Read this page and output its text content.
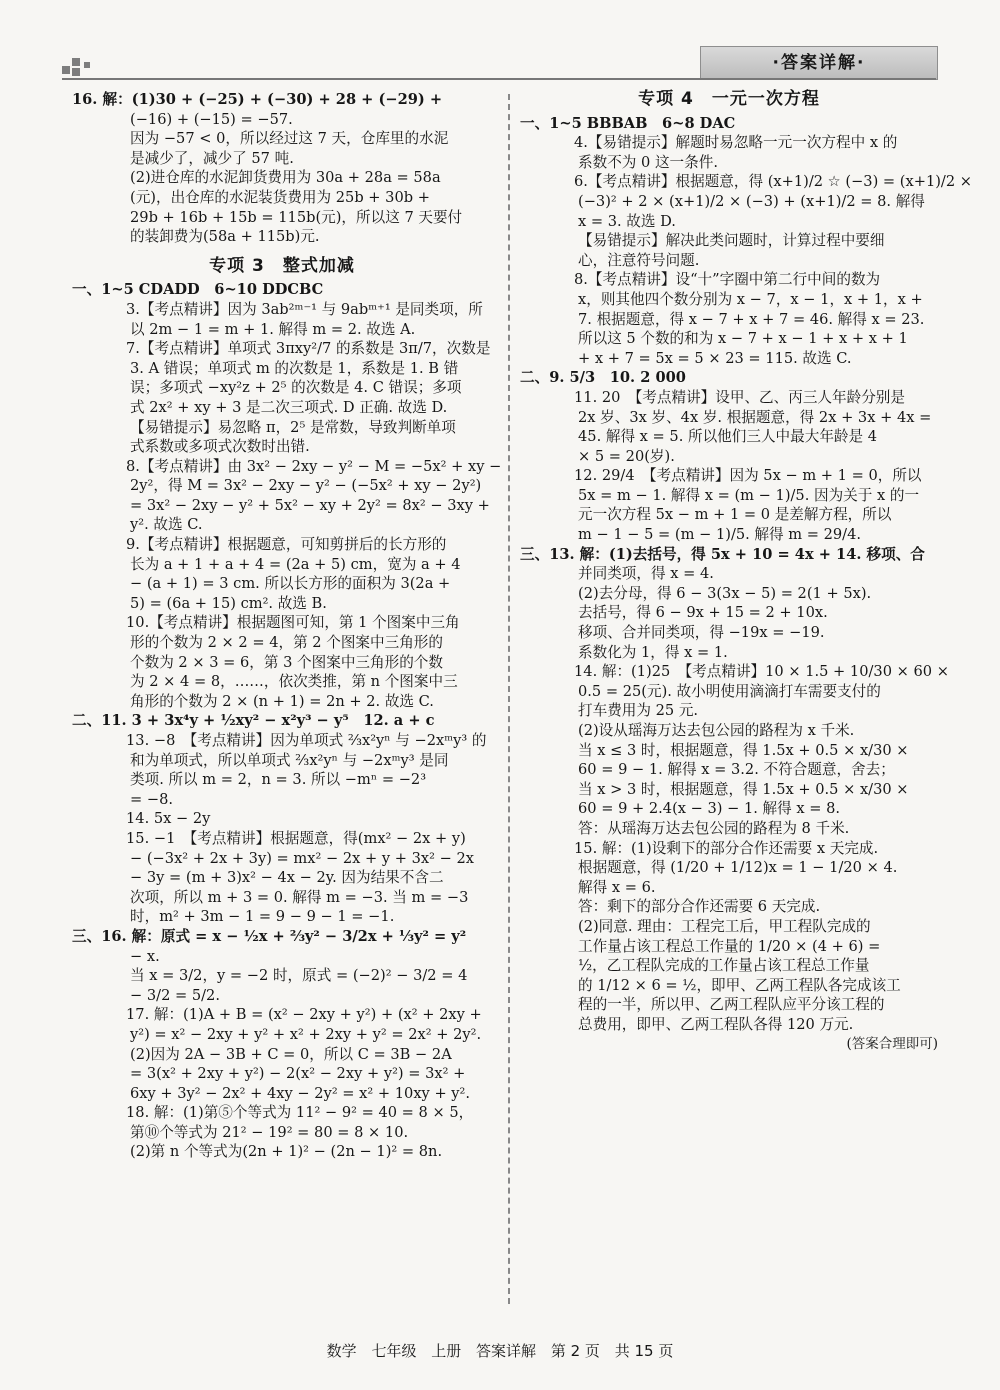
·答案详解·
16. 解：(1)30 + (−25) + (−30) + 28 + (−29) +
(−16) + (−15) = −57.
因为 −57 < 0，所以经过这 7 天，仓库里的水泥
是减少了，减少了 57 吨.
(2)进仓库的水泥卸货费用为 30a + 28a = 58a
(元)，出仓库的水泥装货费用为 25b + 30b +
29b + 16b + 15b = 115b(元)，所以这 7 天要付
的装卸费为(58a + 115b)元.
专项 3　整式加减
一、1~5 CDADD　6~10 DDCBC
3.【考点精讲】因为 3ab²ᵐ⁻¹ 与 9abᵐ⁺¹ 是同类项，所
以 2m − 1 = m + 1. 解得 m = 2. 故选 A.
7.【考点精讲】单项式 3πxy²/7 的系数是 3π/7，次数是
3. A 错误；单项式 m 的次数是 1，系数是 1. B 错
误；多项式 −xy²z + 2⁵ 的次数是 4. C 错误；多项
式 2x² + xy + 3 是二次三项式. D 正确. 故选 D.
【易错提示】易忽略 π，2⁵ 是常数，导致判断单项
式系数或多项式次数时出错.
8.【考点精讲】由 3x² − 2xy − y² − M = −5x² + xy −
2y²，得 M = 3x² − 2xy − y² − (−5x² + xy − 2y²)
= 3x² − 2xy − y² + 5x² − xy + 2y² = 8x² − 3xy +
y². 故选 C.
9.【考点精讲】根据题意，可知剪拼后的长方形的
长为 a + 1 + a + 4 = (2a + 5) cm，宽为 a + 4
− (a + 1) = 3 cm. 所以长方形的面积为 3(2a +
5) = (6a + 15) cm². 故选 B.
10.【考点精讲】根据题图可知，第 1 个图案中三角
形的个数为 2 × 2 = 4，第 2 个图案中三角形的
个数为 2 × 3 = 6，第 3 个图案中三角形的个数
为 2 × 4 = 8，……，依次类推，第 n 个图案中三
角形的个数为 2 × (n + 1) = 2n + 2. 故选 C.
二、11. 3 + 3x⁴y + ½xy² − x²y³ − y⁵　12. a + c
13. −8　【考点精讲】因为单项式 ⅔x²yⁿ 与 −2xᵐy³ 的
和为单项式，所以单项式 ⅔x²yⁿ 与 −2xᵐy³ 是同
类项. 所以 m = 2，n = 3. 所以 −mⁿ = −2³
= −8.
14. 5x − 2y
15. −1　【考点精讲】根据题意，得(mx² − 2x + y)
− (−3x² + 2x + 3y) = mx² − 2x + y + 3x² − 2x
− 3y = (m + 3)x² − 4x − 2y. 因为结果不含二
次项，所以 m + 3 = 0. 解得 m = −3. 当 m = −3
时，m² + 3m − 1 = 9 − 9 − 1 = −1.
三、16. 解：原式 = x − ½x + ⅔y² − 3/2x + ⅓y² = y²
− x.
当 x = 3/2，y = −2 时，原式 = (−2)² − 3/2 = 4
− 3/2 = 5/2.
17. 解：(1)A + B = (x² − 2xy + y²) + (x² + 2xy +
y²) = x² − 2xy + y² + x² + 2xy + y² = 2x² + 2y².
(2)因为 2A − 3B + C = 0，所以 C = 3B − 2A
= 3(x² + 2xy + y²) − 2(x² − 2xy + y²) = 3x² +
6xy + 3y² − 2x² + 4xy − 2y² = x² + 10xy + y².
18. 解：(1)第⑤个等式为 11² − 9² = 40 = 8 × 5，
第⑩个等式为 21² − 19² = 80 = 8 × 10.
(2)第 n 个等式为(2n + 1)² − (2n − 1)² = 8n.
专项 4　一元一次方程
一、1~5 BBBAB　6~8 DAC
4.【易错提示】解题时易忽略一元一次方程中 x 的
系数不为 0 这一条件.
6.【考点精讲】根据题意，得 (x+1)/2 ☆ (−3) = (x+1)/2 ×
(−3)² + 2 × (x+1)/2 × (−3) + (x+1)/2 = 8. 解得
x = 3. 故选 D.
【易错提示】解决此类问题时，计算过程中要细
心，注意符号问题.
8.【考点精讲】设“十”字圈中第二行中间的数为
x，则其他四个数分别为 x − 7，x − 1，x + 1，x +
7. 根据题意，得 x − 7 + x + 7 = 46. 解得 x = 23.
所以这 5 个数的和为 x − 7 + x − 1 + x + x + 1
+ x + 7 = 5x = 5 × 23 = 115. 故选 C.
二、9. 5/3　10. 2 000
11. 20　【考点精讲】设甲、乙、丙三人年龄分别是
2x 岁、3x 岁、4x 岁. 根据题意，得 2x + 3x + 4x =
45. 解得 x = 5. 所以他们三人中最大年龄是 4
× 5 = 20(岁).
12. 29/4　【考点精讲】因为 5x − m + 1 = 0，所以
5x = m − 1. 解得 x = (m − 1)/5. 因为关于 x 的一
元一次方程 5x − m + 1 = 0 是差解方程，所以
m − 1 − 5 = (m − 1)/5. 解得 m = 29/4.
三、13. 解：(1)去括号，得 5x + 10 = 4x + 14. 移项、合
并同类项，得 x = 4.
(2)去分母，得 6 − 3(3x − 5) = 2(1 + 5x).
去括号，得 6 − 9x + 15 = 2 + 10x.
移项、合并同类项，得 −19x = −19.
系数化为 1，得 x = 1.
14. 解：(1)25　【考点精讲】10 × 1.5 + 10/30 × 60 ×
0.5 = 25(元). 故小明使用滴滴打车需要支付的
打车费用为 25 元.
(2)设从瑶海万达去包公园的路程为 x 千米.
当 x ≤ 3 时，根据题意，得 1.5x + 0.5 × x/30 ×
60 = 9 − 1. 解得 x = 3.2. 不符合题意，舍去；
当 x > 3 时，根据题意，得 1.5x + 0.5 × x/30 ×
60 = 9 + 2.4(x − 3) − 1. 解得 x = 8.
答：从瑶海万达去包公园的路程为 8 千米.
15. 解：(1)设剩下的部分合作还需要 x 天完成.
根据题意，得 (1/20 + 1/12)x = 1 − 1/20 × 4.
解得 x = 6.
答：剩下的部分合作还需要 6 天完成.
(2)同意. 理由：工程完工后，甲工程队完成的
工作量占该工程总工作量的 1/20 × (4 + 6) =
½，乙工程队完成的工作量占该工程总工作量
的 1/12 × 6 = ½，即甲、乙两工程队各完成该工
程的一半，所以甲、乙两工程队应平分该工程的
总费用，即甲、乙两工程队各得 120 万元.
(答案合理即可)
数学 七年级 上册 答案详解 第 2 页 共 15 页
